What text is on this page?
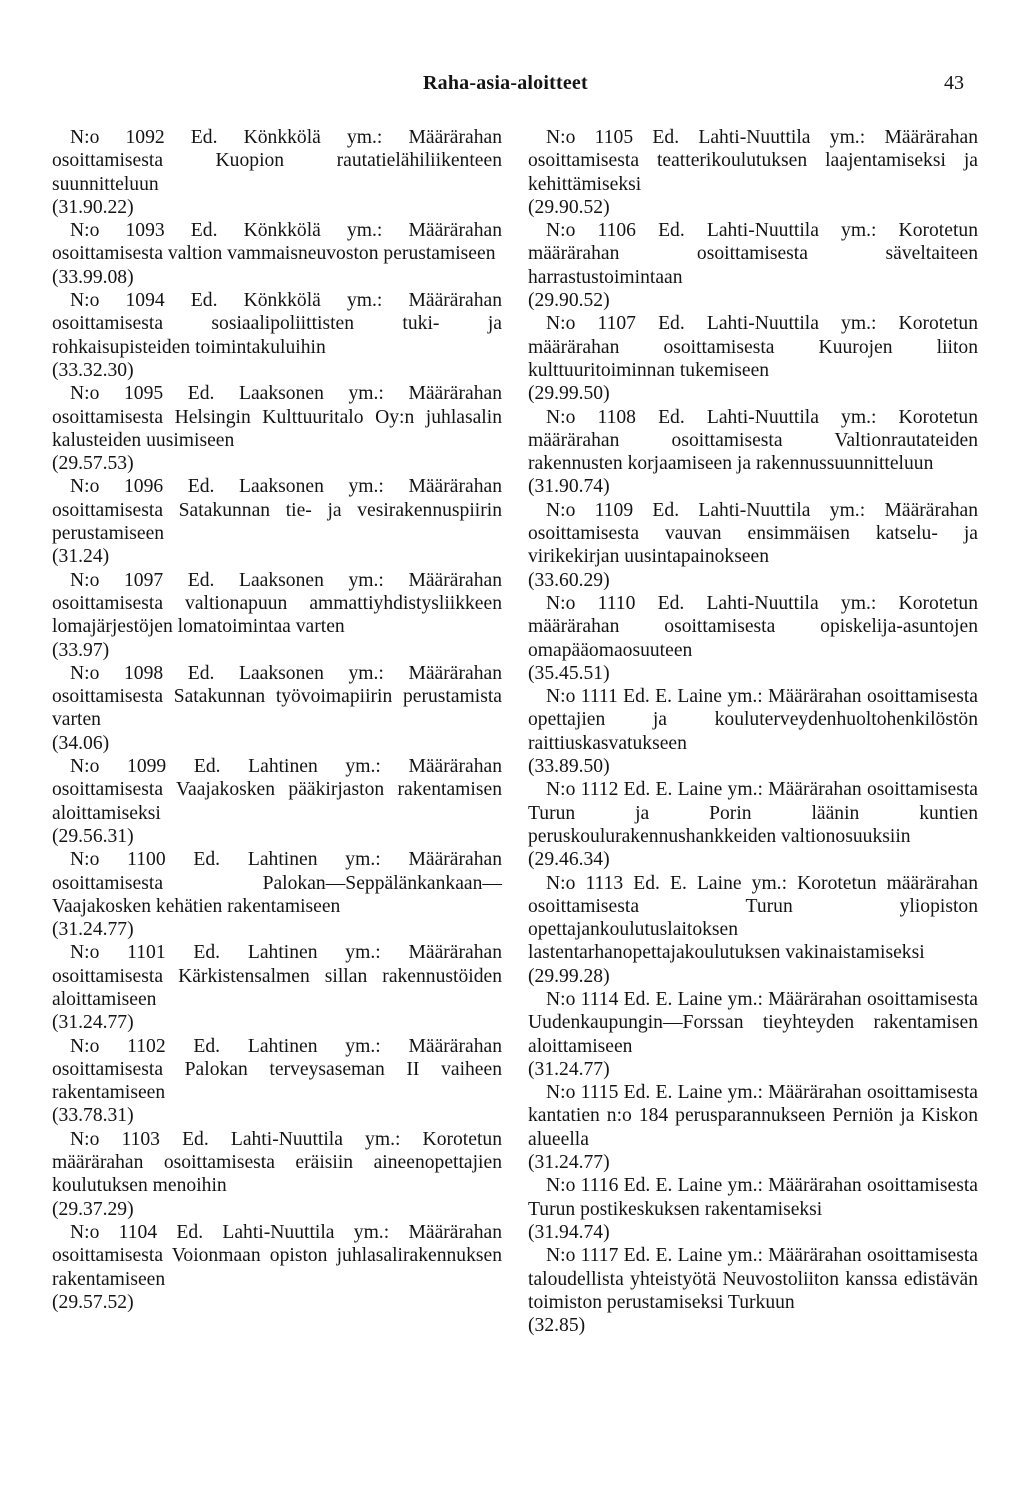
Raha-asia-aloitteet	43
N:o 1092 Ed. Könkkölä ym.: Määrärahan osoittamisesta Kuopion rautatielähiliikenteen suunnitteluun
(31.90.22)
N:o 1093 Ed. Könkkölä ym.: Määrärahan osoittamisesta valtion vammaisneuvoston perustamiseen
(33.99.08)
N:o 1094 Ed. Könkkölä ym.: Määrärahan osoittamisesta sosiaalipoliittisten tuki- ja rohkaisupisteiden toimintakuluihin
(33.32.30)
N:o 1095 Ed. Laaksonen ym.: Määrärahan osoittamisesta Helsingin Kulttuuritalo Oy:n juhlasalin kalusteiden uusimiseen
(29.57.53)
N:o 1096 Ed. Laaksonen ym.: Määrärahan osoittamisesta Satakunnan tie- ja vesirakennuspiirin perustamiseen
(31.24)
N:o 1097 Ed. Laaksonen ym.: Määrärahan osoittamisesta valtionapuun ammattiyhdistysliikkeen lomajärjestöjen lomatoimintaa varten
(33.97)
N:o 1098 Ed. Laaksonen ym.: Määrärahan osoittamisesta Satakunnan työvoimapiirin perustamista varten
(34.06)
N:o 1099 Ed. Lahtinen ym.: Määrärahan osoittamisesta Vaajakosken pääkirjaston rakentamisen aloittamiseksi
(29.56.31)
N:o 1100 Ed. Lahtinen ym.: Määrärahan osoittamisesta Palokan—Seppälänkankaan—Vaajakosken kehätien rakentamiseen
(31.24.77)
N:o 1101 Ed. Lahtinen ym.: Määrärahan osoittamisesta Kärkistensalmen sillan rakennustöiden aloittamiseen
(31.24.77)
N:o 1102 Ed. Lahtinen ym.: Määrärahan osoittamisesta Palokan terveysaseman II vaiheen rakentamiseen
(33.78.31)
N:o 1103 Ed. Lahti-Nuuttila ym.: Korotetun määrärahan osoittamisesta eräisiin aineenopettajien koulutuksen menoihin
(29.37.29)
N:o 1104 Ed. Lahti-Nuuttila ym.: Määrärahan osoittamisesta Voionmaan opiston juhlasalirakennuksen rakentamiseen
(29.57.52)
N:o 1105 Ed. Lahti-Nuuttila ym.: Määrärahan osoittamisesta teatterikoulutuksen laajentamiseksi ja kehittämiseksi
(29.90.52)
N:o 1106 Ed. Lahti-Nuuttila ym.: Korotetun määrärahan osoittamisesta säveltaiteen harrastustoimintaan
(29.90.52)
N:o 1107 Ed. Lahti-Nuuttila ym.: Korotetun määrärahan osoittamisesta Kuurojen liiton kulttuuritoiminnan tukemiseen
(29.99.50)
N:o 1108 Ed. Lahti-Nuuttila ym.: Korotetun määrärahan osoittamisesta Valtionrautateiden rakennusten korjaamiseen ja rakennussuunnitteluun
(31.90.74)
N:o 1109 Ed. Lahti-Nuuttila ym.: Määrärahan osoittamisesta vauvan ensimmäisen katselu- ja virikekirjan uusintapainokseen
(33.60.29)
N:o 1110 Ed. Lahti-Nuuttila ym.: Korotetun määrärahan osoittamisesta opiskelija-asuntojen omapääomaosuuteen
(35.45.51)
N:o 1111 Ed. E. Laine ym.: Määrärahan osoittamisesta opettajien ja kouluterveydenhuoltohenkilöstön raittiuskasvatukseen
(33.89.50)
N:o 1112 Ed. E. Laine ym.: Määrärahan osoittamisesta Turun ja Porin läänin kuntien peruskoulurakennushankkeiden valtionosuuksiin
(29.46.34)
N:o 1113 Ed. E. Laine ym.: Korotetun määrärahan osoittamisesta Turun yliopiston opettajankoulutuslaitoksen lastentarhanopettajakoulutuksen vakinaistamiseksi
(29.99.28)
N:o 1114 Ed. E. Laine ym.: Määrärahan osoittamisesta Uudenkaupungin—Forssan tieyhteyden rakentamisen aloittamiseen
(31.24.77)
N:o 1115 Ed. E. Laine ym.: Määrärahan osoittamisesta kantatien n:o 184 perusparannukseen Perniön ja Kiskon alueella
(31.24.77)
N:o 1116 Ed. E. Laine ym.: Määrärahan osoittamisesta Turun postikeskuksen rakentamiseksi
(31.94.74)
N:o 1117 Ed. E. Laine ym.: Määrärahan osoittamisesta taloudellista yhteistyötä Neuvostoliiton kanssa edistävän toimiston perustamiseksi Turkuun
(32.85)
